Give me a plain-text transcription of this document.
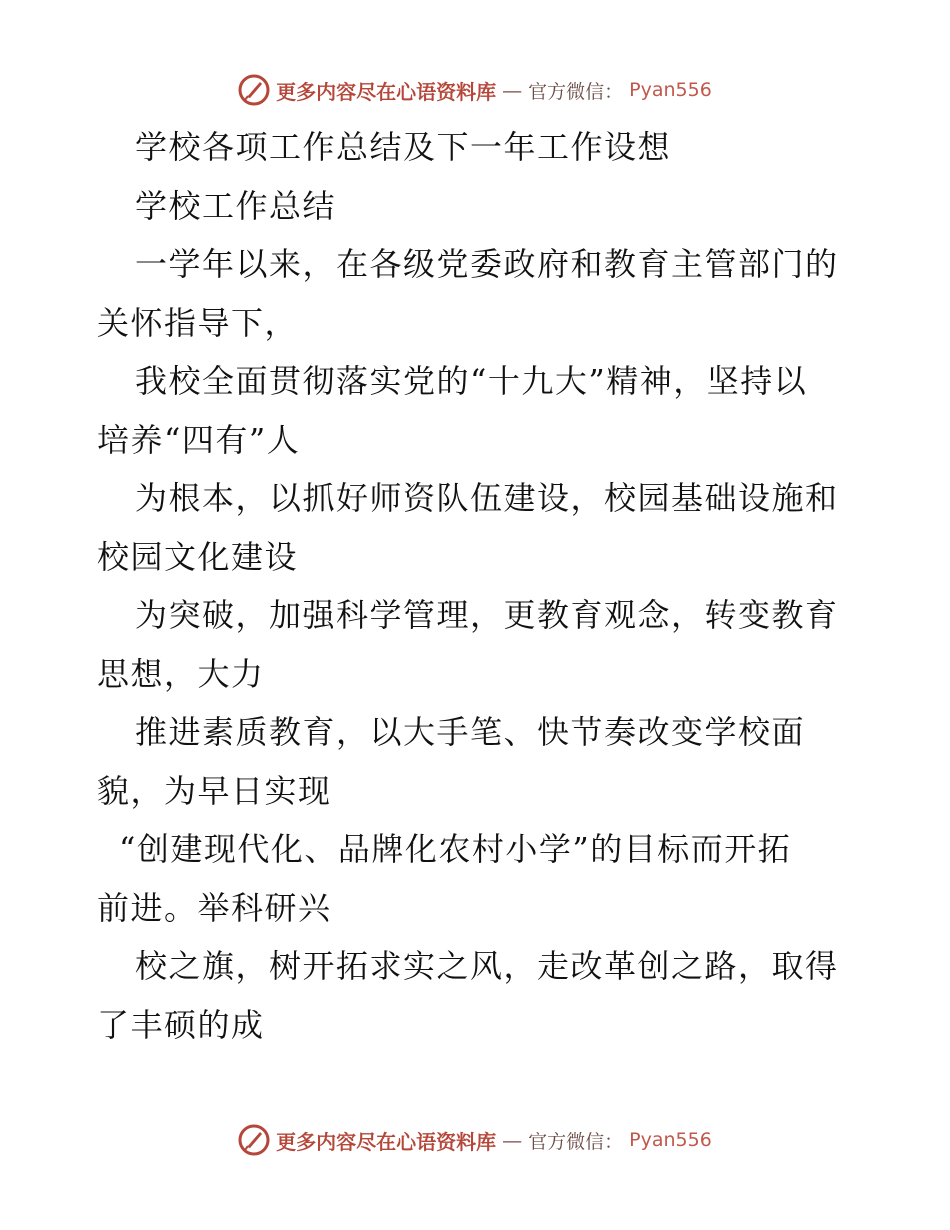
更多内容尽在心语资料库 — 官方微信： Pyan556
学校各项工作总结及下一年工作设想
学校工作总结
一学年以来，在各级党委政府和教育主管部门的
关怀指导下，
我校全面贯彻落实党的“十九大”精神，坚持以
培养“四有”人
为根本，以抓好师资队伍建设，校园基础设施和
校园文化建设
为突破，加强科学管理，更教育观念，转变教育
思想，大力
推进素质教育，以大手笔、快节奏改变学校面
貌，为早日实现
“创建现代化、品牌化农村小学”的目标而开拓
前进。举科研兴
校之旗，树开拓求实之风，走改革创之路，取得
了丰硕的成
更多内容尽在心语资料库 — 官方微信： Pyan556
